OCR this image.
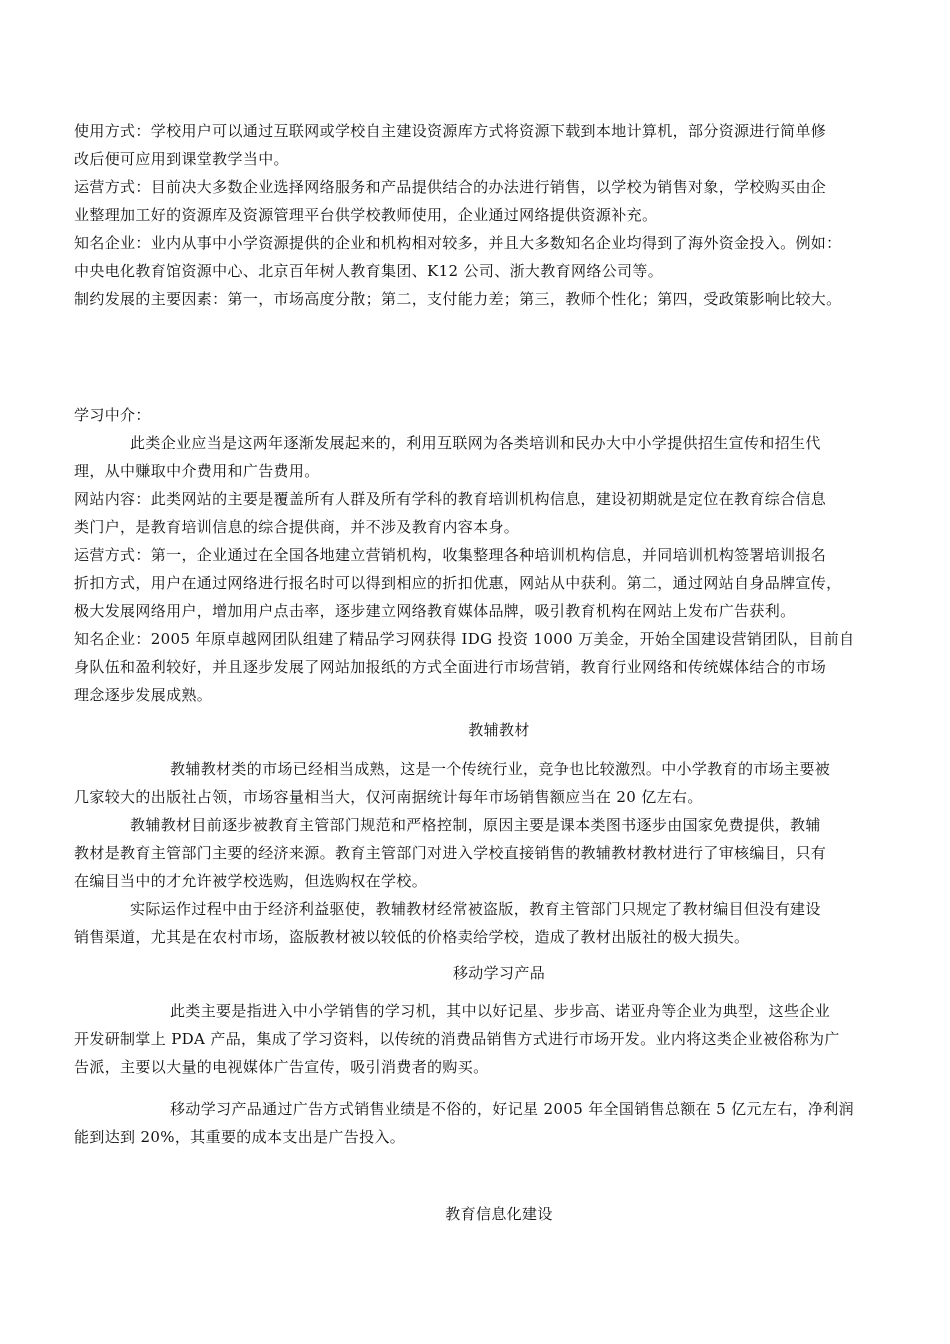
使用方式：学校用户可以通过互联网或学校自主建设资源库方式将资源下载到本地计算机，部分资源进行简单修
改后便可应用到课堂教学当中。
运营方式：目前决大多数企业选择网络服务和产品提供结合的办法进行销售，以学校为销售对象，学校购买由企
业整理加工好的资源库及资源管理平台供学校教师使用，企业通过网络提供资源补充。
知名企业：业内从事中小学资源提供的企业和机构相对较多，并且大多数知名企业均得到了海外资金投入。例如：
中央电化教育馆资源中心、北京百年树人教育集团、K12 公司、浙大教育网络公司等。
制约发展的主要因素：第一，市场高度分散；第二，支付能力差；第三，教师个性化；第四，受政策影响比较大。
学习中介：
此类企业应当是这两年逐渐发展起来的，利用互联网为各类培训和民办大中小学提供招生宣传和招生代
理，从中赚取中介费用和广告费用。
网站内容：此类网站的主要是覆盖所有人群及所有学科的教育培训机构信息，建设初期就是定位在教育综合信息
类门户，是教育培训信息的综合提供商，并不涉及教育内容本身。
运营方式：第一，企业通过在全国各地建立营销机构，收集整理各种培训机构信息，并同培训机构签署培训报名
折扣方式，用户在通过网络进行报名时可以得到相应的折扣优惠，网站从中获利。第二，通过网站自身品牌宣传，
极大发展网络用户，增加用户点击率，逐步建立网络教育媒体品牌，吸引教育机构在网站上发布广告获利。
知名企业：2005 年原卓越网团队组建了精品学习网获得 IDG 投资 1000 万美金，开始全国建设营销团队，目前自
身队伍和盈利较好，并且逐步发展了网站加报纸的方式全面进行市场营销，教育行业网络和传统媒体结合的市场
理念逐步发展成熟。
教辅教材
教辅教材类的市场已经相当成熟，这是一个传统行业，竞争也比较激烈。中小学教育的市场主要被
几家较大的出版社占领，市场容量相当大，仅河南据统计每年市场销售额应当在 20 亿左右。
教辅教材目前逐步被教育主管部门规范和严格控制，原因主要是课本类图书逐步由国家免费提供，教辅
教材是教育主管部门主要的经济来源。教育主管部门对进入学校直接销售的教辅教材教材进行了审核编目，只有
在编目当中的才允许被学校选购，但选购权在学校。
实际运作过程中由于经济利益驱使，教辅教材经常被盗版，教育主管部门只规定了教材编目但没有建设
销售渠道，尤其是在农村市场，盗版教材被以较低的价格卖给学校，造成了教材出版社的极大损失。
移动学习产品
此类主要是指进入中小学销售的学习机，其中以好记星、步步高、诺亚舟等企业为典型，这些企业
开发研制掌上 PDA 产品，集成了学习资料，以传统的消费品销售方式进行市场开发。业内将这类企业被俗称为广
告派，主要以大量的电视媒体广告宣传，吸引消费者的购买。
移动学习产品通过广告方式销售业绩是不俗的，好记星 2005 年全国销售总额在 5 亿元左右，净利润
能到达到 20%，其重要的成本支出是广告投入。
教育信息化建设
